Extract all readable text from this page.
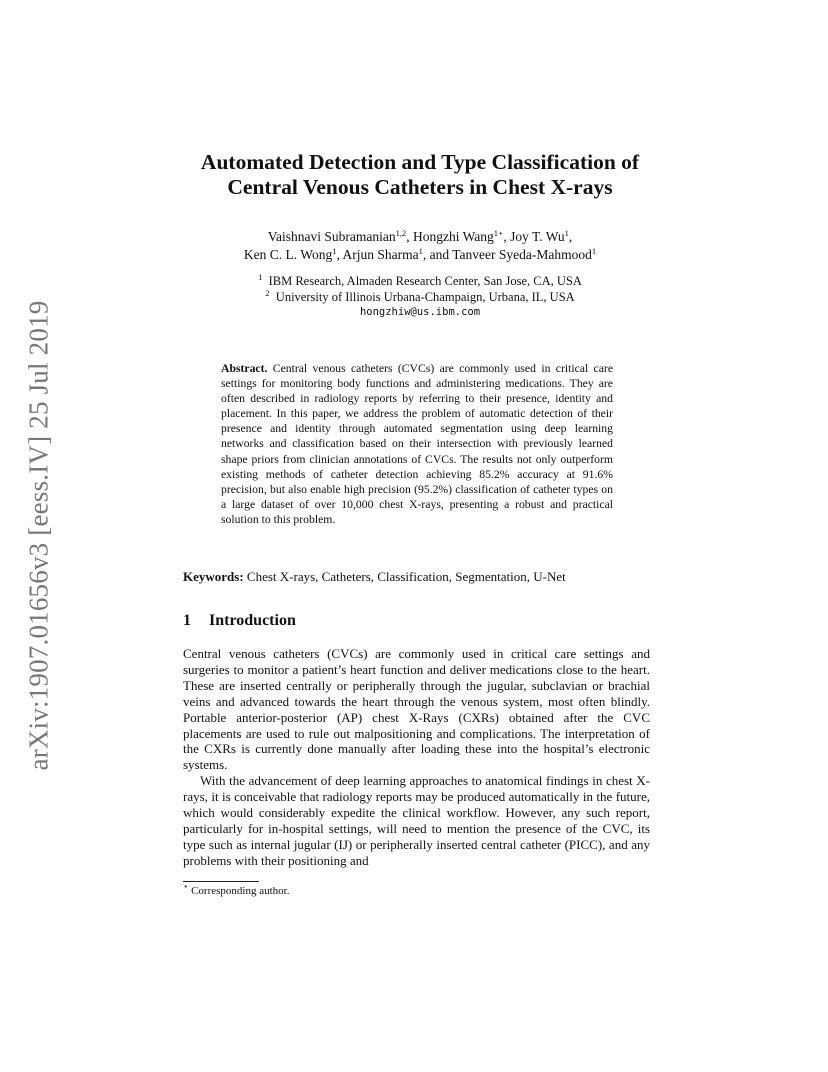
arXiv:1907.01656v3 [eess.IV] 25 Jul 2019
Automated Detection and Type Classification of
Central Venous Catheters in Chest X-rays
Vaishnavi Subramanian$^{1,2}$, Hongzhi Wang$^{1⋆}$, Joy T. Wu$^1$,
Ken C. L. Wong$^1$, Arjun Sharma$^1$, and Tanveer Syeda-Mahmood$^1$
$^1$ IBM Research, Almaden Research Center, San Jose, CA, USA
$^2$ University of Illinois Urbana-Champaign, Urbana, IL, USA
hongzhiw@us.ibm.com
Abstract. Central venous catheters (CVCs) are commonly used in critical care settings for monitoring body functions and administering medications. They are often described in radiology reports by referring to their presence, identity and placement. In this paper, we address the problem of automatic detection of their presence and identity through automated segmentation using deep learning networks and classification based on their intersection with previously learned shape priors from clinician annotations of CVCs. The results not only outperform existing methods of catheter detection achieving 85.2% accuracy at 91.6% precision, but also enable high precision (95.2%) classification of catheter types on a large dataset of over 10,000 chest X-rays, presenting a robust and practical solution to this problem.
Keywords: Chest X-rays, Catheters, Classification, Segmentation, U-Net
1 Introduction

Central venous catheters (CVCs) are commonly used in critical care settings and surgeries to monitor a patient’s heart function and deliver medications close to the heart. These are inserted centrally or peripherally through the jugular, subclavian or brachial veins and advanced towards the heart through the venous system, most often blindly. Portable anterior-posterior (AP) chest X-Rays (CXRs) obtained after the CVC placements are used to rule out malpositioning and complications. The interpretation of the CXRs is currently done manually after loading these into the hospital’s electronic systems.

With the advancement of deep learning approaches to anatomical findings in chest X-rays, it is conceivable that radiology reports may be produced automatically in the future, which would considerably expedite the clinical workflow. However, any such report, particularly for in-hospital settings, will need to mention the presence of the CVC, its type such as internal jugular (IJ) or peripherally inserted central catheter (PICC), and any problems with their positioning and

⋆ Corresponding author.
